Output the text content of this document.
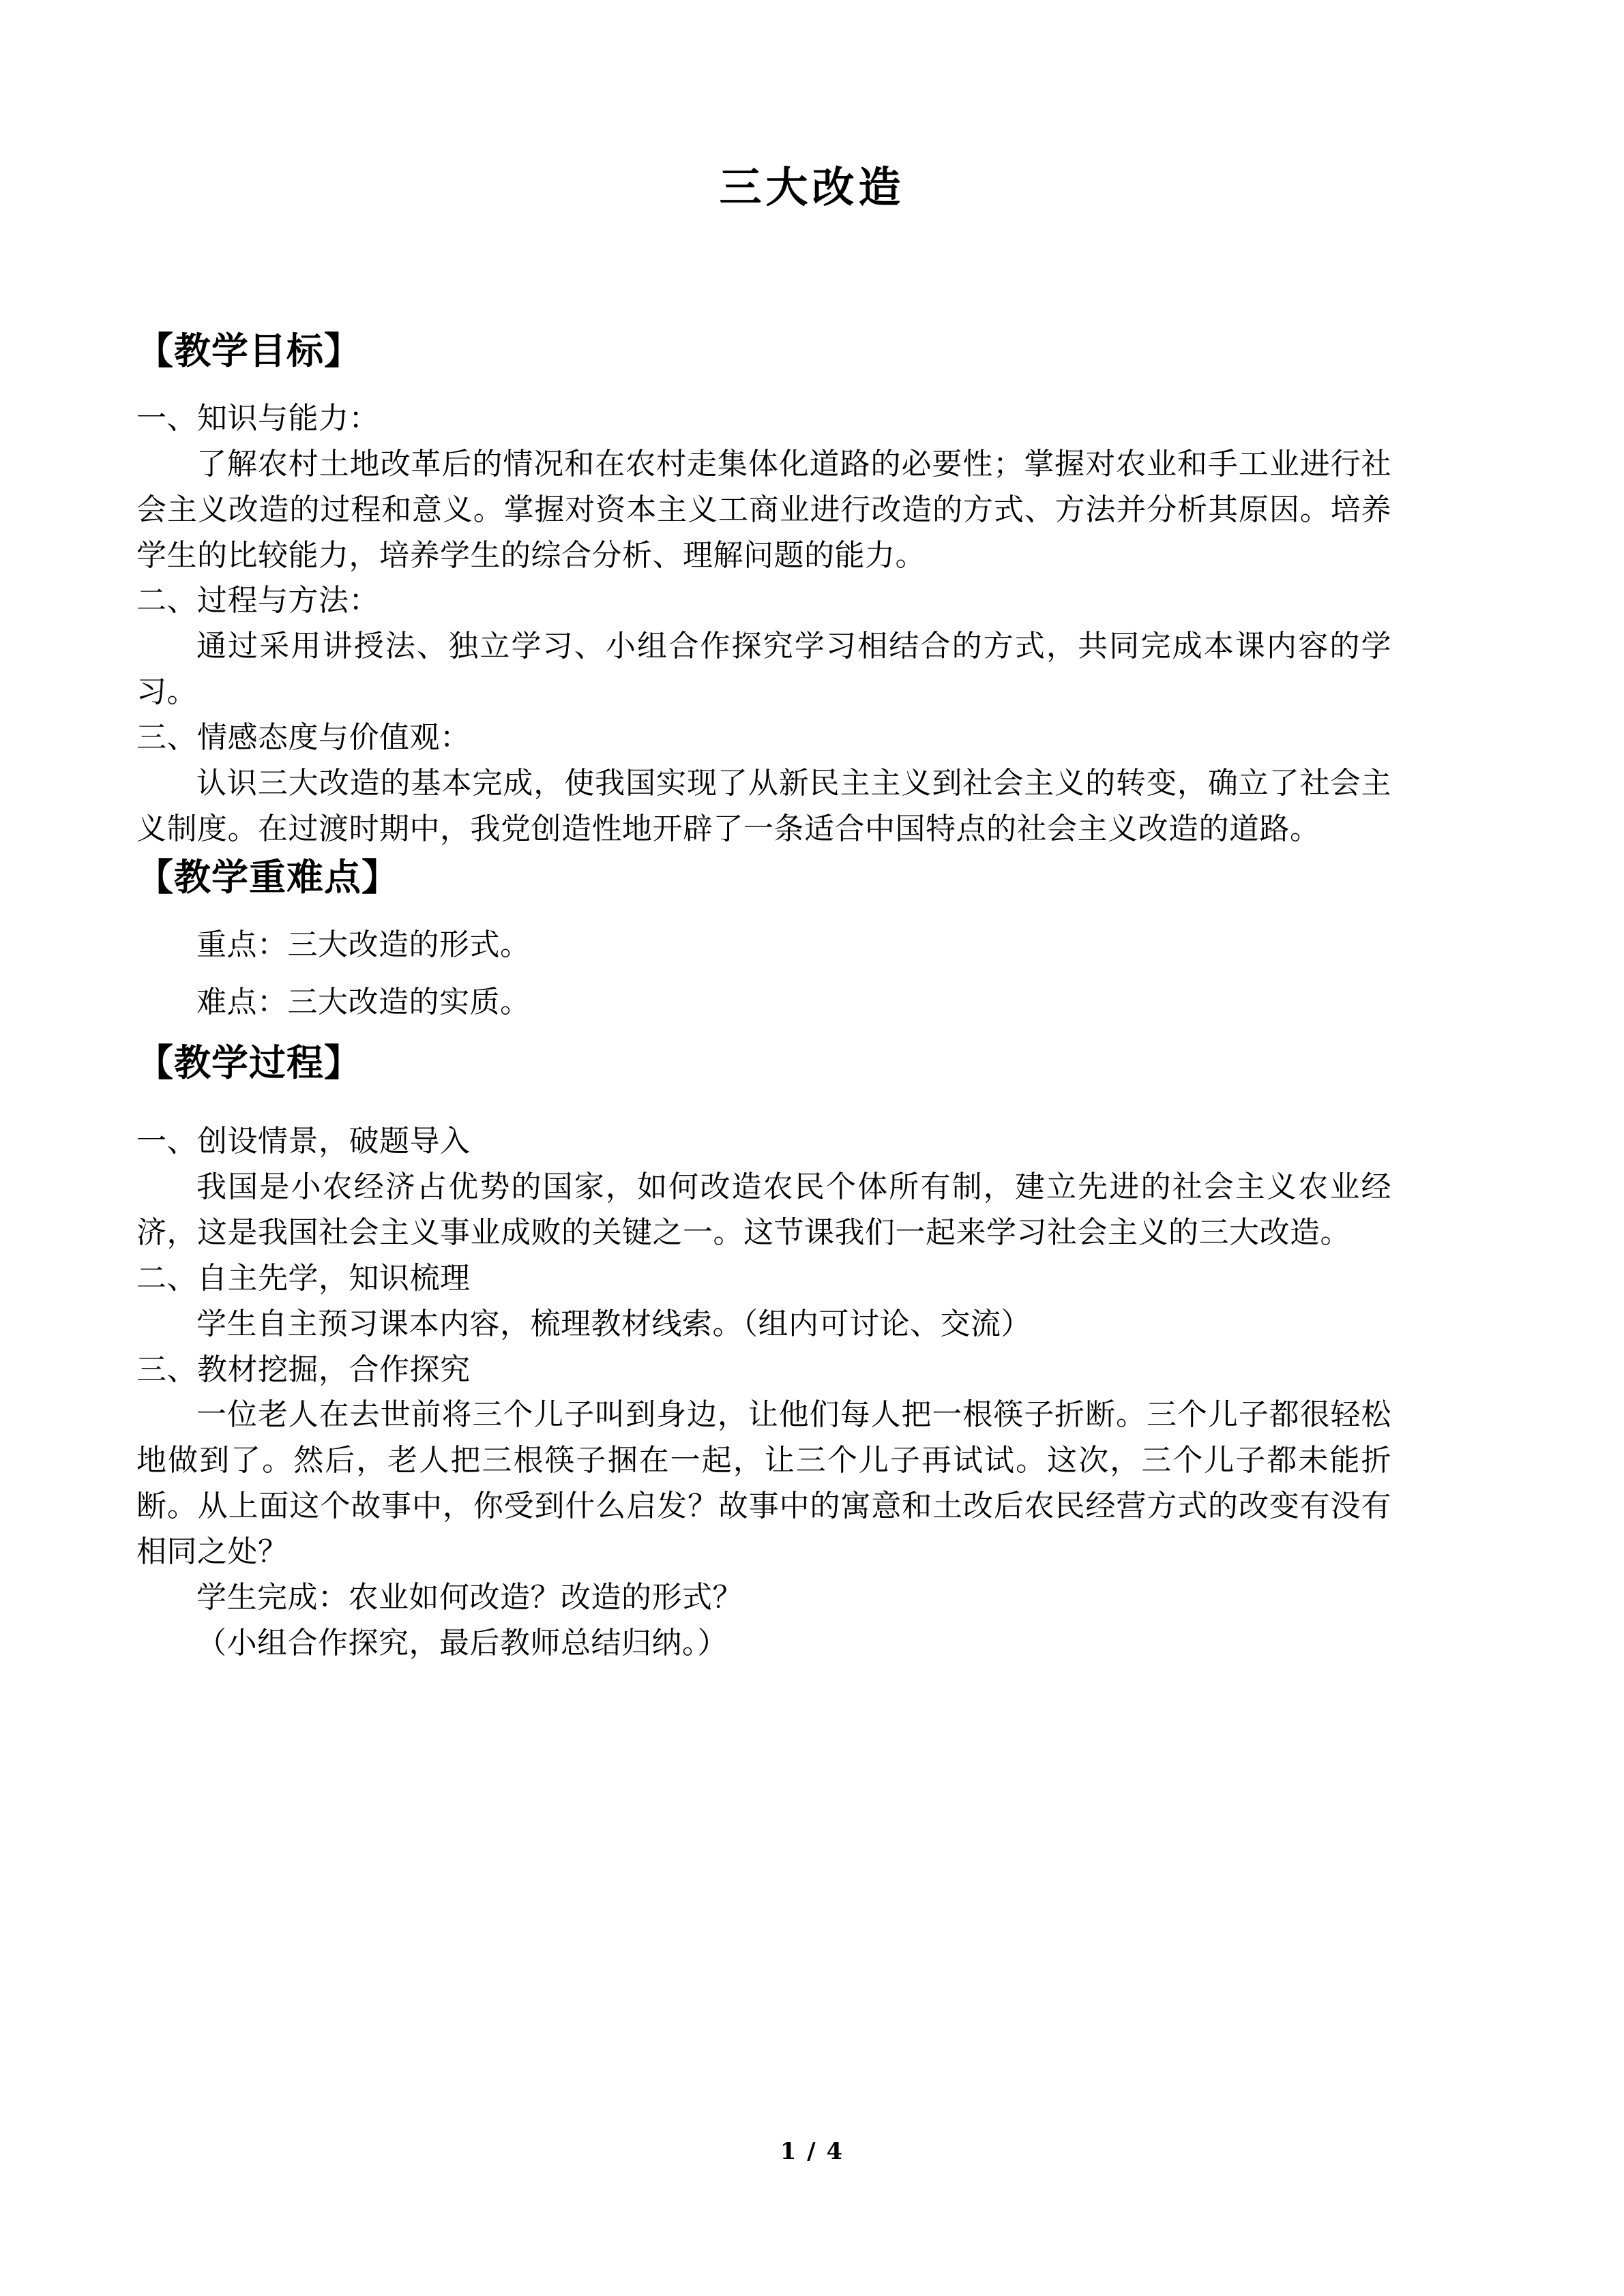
三大改造
【教学目标】
一、知识与能力：
了解农村土地改革后的情况和在农村走集体化道路的必要性；掌握对农业和手工业进行社会主义改造的过程和意义。掌握对资本主义工商业进行改造的方式、方法并分析其原因。培养学生的比较能力，培养学生的综合分析、理解问题的能力。
二、过程与方法：
通过采用讲授法、独立学习、小组合作探究学习相结合的方式，共同完成本课内容的学习。
三、情感态度与价值观：
认识三大改造的基本完成，使我国实现了从新民主主义到社会主义的转变，确立了社会主义制度。在过渡时期中，我党创造性地开辟了一条适合中国特点的社会主义改造的道路。
【教学重难点】
重点：三大改造的形式。
难点：三大改造的实质。
【教学过程】
一、创设情景，破题导入
我国是小农经济占优势的国家，如何改造农民个体所有制，建立先进的社会主义农业经济，这是我国社会主义事业成败的关键之一。这节课我们一起来学习社会主义的三大改造。
二、自主先学，知识梳理
学生自主预习课本内容，梳理教材线索。（组内可讨论、交流）
三、教材挖掘，合作探究
一位老人在去世前将三个儿子叫到身边，让他们每人把一根筷子折断。三个儿子都很轻松地做到了。然后，老人把三根筷子捆在一起，让三个儿子再试试。这次，三个儿子都未能折断。从上面这个故事中，你受到什么启发？故事中的寓意和土改后农民经营方式的改变有没有相同之处？
学生完成：农业如何改造？改造的形式？
（小组合作探究，最后教师总结归纳。）
1 / 4
